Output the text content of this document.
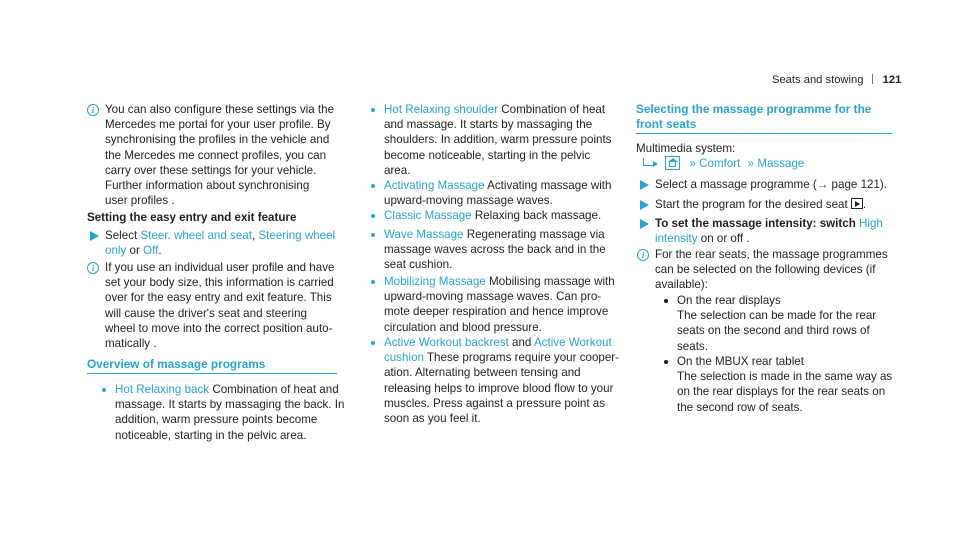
Seats and stowing 121
i You can also configure these settings via the
Mercedes me portal for your user profile. By
synchronising the profiles in the vehicle and
the Mercedes me connect profiles, you can
carry over these settings for your vehicle.
Further information about synchronising
user profiles .
Setting the easy entry and exit feature
Select Steer. wheel and seat, Steering wheel
only or Off.
i If you use an individual user profile and have
set your body size, this information is carried
over for the easy entry and exit feature. This
will cause the driver's seat and steering
wheel to move into the correct position auto-
matically .
Overview of massage programs
Hot Relaxing back Combination of heat and
massage. It starts by massaging the back. In
addition, warm pressure points become
noticeable, starting in the pelvic area.
Hot Relaxing shoulder Combination of heat
and massage. It starts by massaging the
shoulders. In addition, warm pressure points
become noticeable, starting in the pelvic
area.
Activating Massage Activating massage with
upward-moving massage waves.
Classic Massage Relaxing back massage.
Wave Massage Regenerating massage via
massage waves across the back and in the
seat cushion.
Mobilizing Massage Mobilising massage with
upward-moving massage waves. Can pro-
mote deeper respiration and hence improve
circulation and blood pressure.
Active Workout backrest and Active Workout
cushion These programs require your cooper-
ation. Alternating between tensing and
releasing helps to improve blood flow to your
muscles. Press against a pressure point as
soon as you feel it.
Selecting the massage programme for the
front seats
Multimedia system:

» Comfort » Massage
Select a massage programme (→ page 121).
Start the program for the desired seat .
To set the massage intensity: switch High
intensity on or off .
i For the rear seats, the massage programmes
can be selected on the following devices (if
available):
On the rear displays
The selection can be made for the rear
seats on the second and third rows of
seats.
On the MBUX rear tablet
The selection is made in the same way as
on the rear displays for the rear seats on
the second row of seats.
